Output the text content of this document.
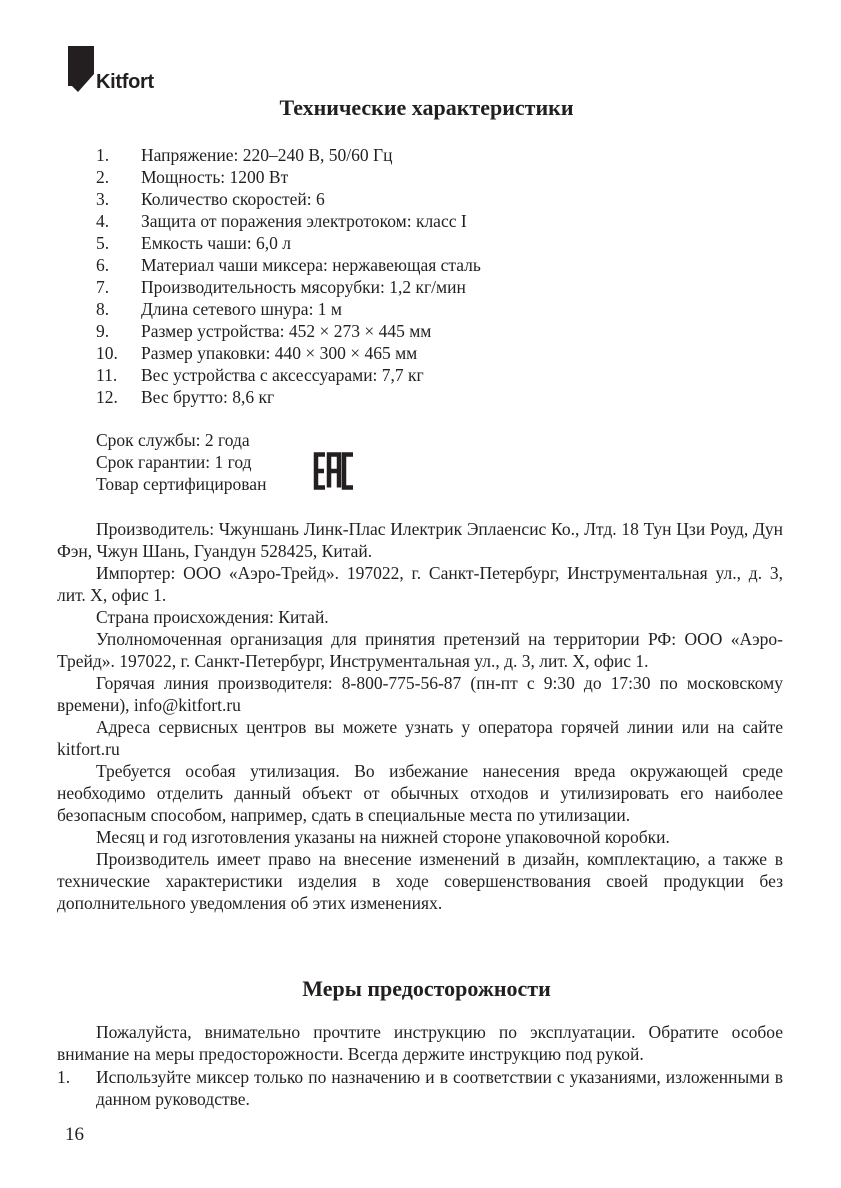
Kitfort
Технические характеристики
1. Напряжение: 220–240 В, 50/60 Гц
2. Мощность: 1200 Вт
3. Количество скоростей: 6
4. Защита от поражения электротоком: класс I
5. Емкость чаши: 6,0 л
6. Материал чаши миксера: нержавеющая сталь
7. Производительность мясорубки: 1,2 кг/мин
8. Длина сетевого шнура: 1 м
9. Размер устройства: 452 × 273 × 445 мм
10. Размер упаковки: 440 × 300 × 465 мм
11. Вес устройства с аксессуарами: 7,7 кг
12. Вес брутто: 8,6 кг
Срок службы: 2 года
Срок гарантии: 1 год
Товар сертифицирован

Производитель: Чжуншань Линк-Плас Илектрик Эплаенсис Ко., Лтд. 18 Тун Цзи Роуд, Дун Фэн, Чжун Шань, Гуандун 528425, Китай.

Импортер: ООО «Аэро-Трейд». 197022, г. Санкт-Петербург, Инструментальная ул., д. 3, лит. Х, офис 1.

Страна происхождения: Китай.

Уполномоченная организация для принятия претензий на территории РФ: ООО «Аэро-Трейд». 197022, г. Санкт-Петербург, Инструментальная ул., д. 3, лит. Х, офис 1.

Горячая линия производителя: 8-800-775-56-87 (пн-пт с 9:30 до 17:30 по московскому времени), info@kitfort.ru

Адреса сервисных центров вы можете узнать у оператора горячей линии или на сайте kitfort.ru

Требуется особая утилизация. Во избежание нанесения вреда окружающей среде необходимо отделить данный объект от обычных отходов и утилизировать его наиболее безопасным способом, например, сдать в специальные места по утилизации.

Месяц и год изготовления указаны на нижней стороне упаковочной коробки.

Производитель имеет право на внесение изменений в дизайн, комплектацию, а также в технические характеристики изделия в ходе совершенствования своей продукции без дополнительного уведомления об этих изменениях.

Меры предосторожности

Пожалуйста, внимательно прочтите инструкцию по эксплуатации. Обратите особое внимание на меры предосторожности. Всегда держите инструкцию под рукой.

1. Используйте миксер только по назначению и в соответствии с указаниями, изложенными в данном руководстве.
16
